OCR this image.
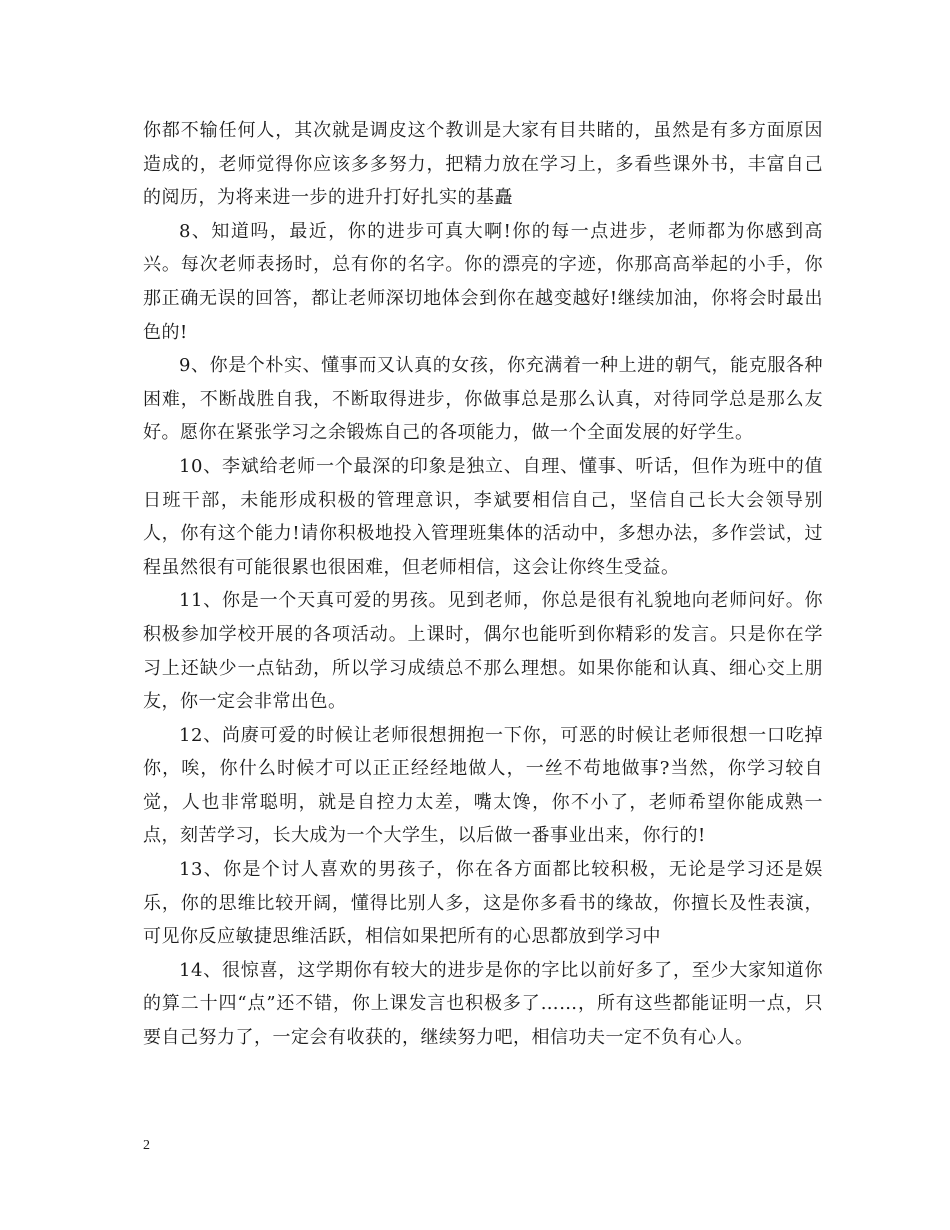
你都不输任何人，其次就是调皮这个教训是大家有目共睹的，虽然是有多方面原因造成的，老师觉得你应该多多努力，把精力放在学习上，多看些课外书，丰富自己的阅历，为将来进一步的进升打好扎实的基矗

8、知道吗，最近，你的进步可真大啊!你的每一点进步，老师都为你感到高兴。每次老师表扬时，总有你的名字。你的漂亮的字迹，你那高高举起的小手，你那正确无误的回答，都让老师深切地体会到你在越变越好!继续加油，你将会时最出色的!

9、你是个朴实、懂事而又认真的女孩，你充满着一种上进的朝气，能克服各种困难，不断战胜自我，不断取得进步，你做事总是那么认真，对待同学总是那么友好。愿你在紧张学习之余锻炼自己的各项能力，做一个全面发展的好学生。

10、李斌给老师一个最深的印象是独立、自理、懂事、听话，但作为班中的值日班干部，未能形成积极的管理意识，李斌要相信自己，坚信自己长大会领导别人，你有这个能力!请你积极地投入管理班集体的活动中，多想办法，多作尝试，过程虽然很有可能很累也很困难，但老师相信，这会让你终生受益。

11、你是一个天真可爱的男孩。见到老师，你总是很有礼貌地向老师问好。你积极参加学校开展的各项活动。上课时，偶尔也能听到你精彩的发言。只是你在学习上还缺少一点钻劲，所以学习成绩总不那么理想。如果你能和认真、细心交上朋友，你一定会非常出色。

12、尚赓可爱的时候让老师很想拥抱一下你，可恶的时候让老师很想一口吃掉你，唉，你什么时候才可以正正经经地做人，一丝不苟地做事?当然，你学习较自觉，人也非常聪明，就是自控力太差，嘴太馋，你不小了，老师希望你能成熟一点，刻苦学习，长大成为一个大学生，以后做一番事业出来，你行的!

13、你是个讨人喜欢的男孩子，你在各方面都比较积极，无论是学习还是娱乐，你的思维比较开阔，懂得比别人多，这是你多看书的缘故，你擅长及性表演，可见你反应敏捷思维活跃，相信如果把所有的心思都放到学习中

14、很惊喜，这学期你有较大的进步是你的字比以前好多了，至少大家知道你的算二十四“点”还不错，你上课发言也积极多了……，所有这些都能证明一点，只要自己努力了，一定会有收获的，继续努力吧，相信功夫一定不负有心人。

2
